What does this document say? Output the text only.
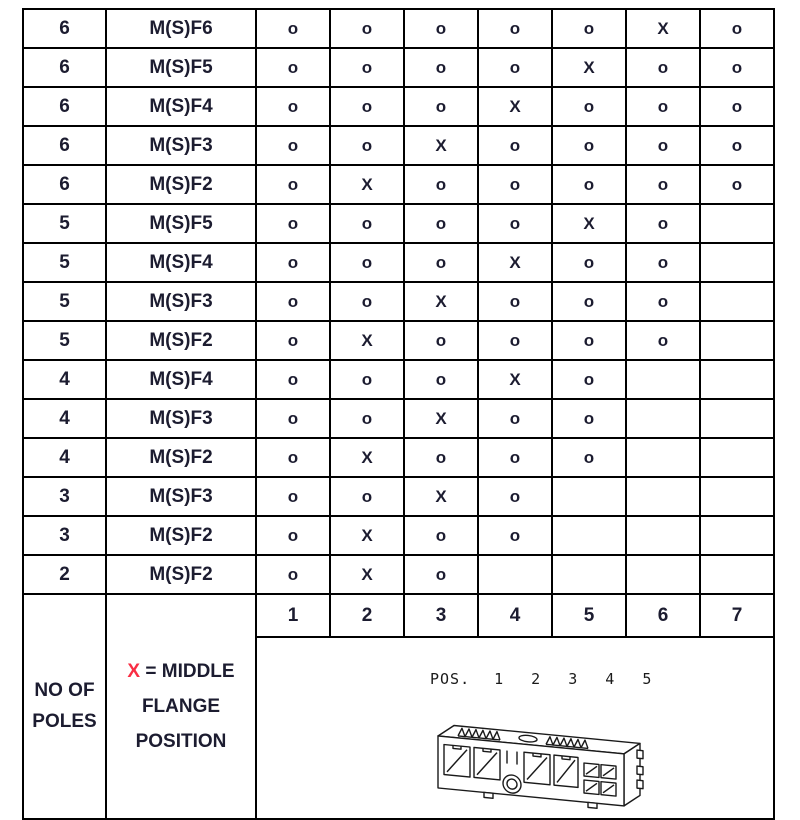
6	M(S)F6	o	o	o	o	o	X	o
6	M(S)F5	o	o	o	o	X	o	o
6	M(S)F4	o	o	o	X	o	o	o
6	M(S)F3	o	o	X	o	o	o	o
6	M(S)F2	o	X	o	o	o	o	o
5	M(S)F5	o	o	o	o	X	o	
5	M(S)F4	o	o	o	X	o	o	
5	M(S)F3	o	o	X	o	o	o	
5	M(S)F2	o	X	o	o	o	o	
4	M(S)F4	o	o	o	X	o		
4	M(S)F3	o	o	X	o	o		
4	M(S)F2	o	X	o	o	o		
3	M(S)F3	o	o	X	o			
3	M(S)F2	o	X	o	o			
2	M(S)F2	o	X	o				
NO OF POLES	X = MIDDLE FLANGE POSITION	1	2	3	4	5	6	7

		POS. 1 2 3 4 5						
